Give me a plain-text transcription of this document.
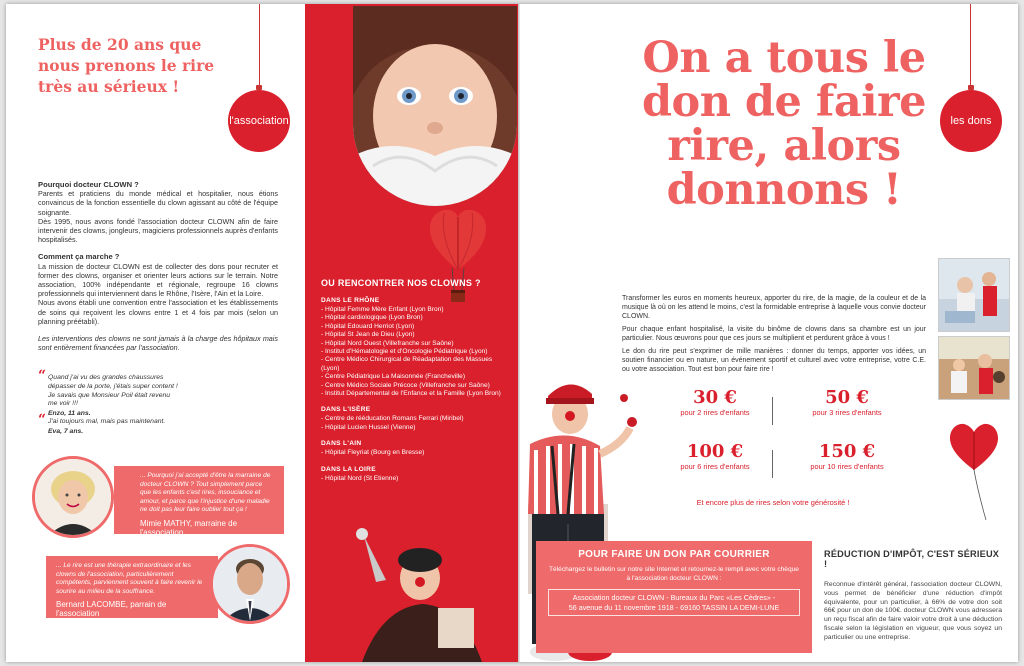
Plus de 20 ans que nous prenons le rire très au sérieux !
l'association
Pourquoi docteur CLOWN ?

Parents et praticiens du monde médical et hospitalier, nous étions convaincus de la fonction essentielle du clown agissant au côté de l'équipe soignante.

Dès 1995, nous avons fondé l'association docteur CLOWN afin de faire intervenir des clowns, jongleurs, magiciens professionnels auprès d'enfants hospitalisés.

Comment ça marche ?

La mission de docteur CLOWN est de collecter des dons pour recruter et former des clowns, organiser et orienter leurs actions sur le terrain. Notre association, 100% indépendante et régionale, regroupe 16 clowns professionnels qui interviennent dans le Rhône, l'Isère, l'Ain et la Loire.

Nous avons établi une convention entre l'association et les établissements de soins qui reçoivent les clowns entre 1 et 4 fois par mois (selon un planning préétabli).

Les interventions des clowns ne sont jamais à la charge des hôpitaux mais sont entièrement financées par l'association.

“ Quand j'ai vu des grandes chaussures dépasser de la porte, j'étais super content ! Je savais que Monsieur Poil était revenu me voir !!!
Enzo, 11 ans.
“ J'ai toujours mal, mais pas maintenant.
Eva, 7 ans.
... Pourquoi j'ai accepté d'être la marraine de docteur CLOWN ? Tout simplement parce que les enfants c'est rires, insouciance et amour, et parce que l'injustice d'une maladie ne doit pas leur faire oublier tout ça !
Mimie MATHY, marraine de l'association
... Le rire est une thérapie extraordinaire et les clowns de l'association, particulièrement compétents, parviennent souvent à faire revenir le sourire au milieu de la souffrance.
Bernard LACOMBE, parrain de l'association
OU RENCONTRER NOS CLOWNS ?
DANS LE RHÔNE
- Hôpital Femme Mère Enfant (Lyon Bron)
- Hôpital cardiologique (Lyon Bron)
- Hôpital Edouard Herriot (Lyon)
- Hôpital St Jean de Dieu (Lyon)
- Hôpital Nord Ouest (Villefranche sur Saône)
- Institut d'Hématologie et d'Oncologie Pédiatrique (Lyon)
- Centre Médico Chirurgical de Réadaptation des Massues (Lyon)
- Centre Pédiatrique La Maisonnée (Francheville)
- Centre Médico Sociale Précoce (Villefranche sur Saône)
- Institut Départemental de l'Enfance et la Famille (Lyon Bron)
DANS L'ISÈRE
- Centre de rééducation Romans Ferrari (Miribel)
- Hôpital Lucien Hussel (Vienne)
DANS L'AIN
- Hôpital Fleyriat (Bourg en Bresse)
DANS LA LOIRE
- Hôpital Nord (St Etienne)
les dons
On a tous le don de faire rire, alors donnons !

Transformer les euros en moments heureux, apporter du rire, de la magie, de la couleur et de la musique là où on les attend le moins, c'est la formidable entreprise à laquelle vous convie docteur CLOWN.

Pour chaque enfant hospitalisé, la visite du binôme de clowns dans sa chambre est un jour particulier. Nous œuvrons pour que ces jours se multiplient et perdurent grâce à vous !

Le don du rire peut s'exprimer de mille manières : donner du temps, apporter vos idées, un soutien financier ou en nature, un événement sportif et culturel avec votre entreprise, votre C.E. ou votre association. Tout est bon pour faire rire !

30 €
pour 2 rires d'enfants
50 €
pour 3 rires d'enfants
100 €
pour 6 rires d'enfants
150 €
pour 10 rires d'enfants
Et encore plus de rires selon votre générosité !
POUR FAIRE UN DON PAR COURRIER
Téléchargez le bulletin sur notre site Internet et retournez-le rempli avec votre chèque à l'association docteur CLOWN :
Association docteur CLOWN - Bureaux du Parc «Les Cèdres» -
56 avenue du 11 novembre 1918 - 69160 TASSIN LA DEMI-LUNE
RÉDUCTION D'IMPÔT, C'EST SÉRIEUX !

Reconnue d'intérêt général, l'association docteur CLOWN, vous permet de bénéficier d'une réduction d'impôt équivalente, pour un particulier, à 66% de votre don soit 66€ pour un don de 100€. docteur CLOWN vous adressera un reçu fiscal afin de faire valoir votre droit à une déduction fiscale selon la législation en vigueur, que vous soyez un particulier ou une entreprise.
